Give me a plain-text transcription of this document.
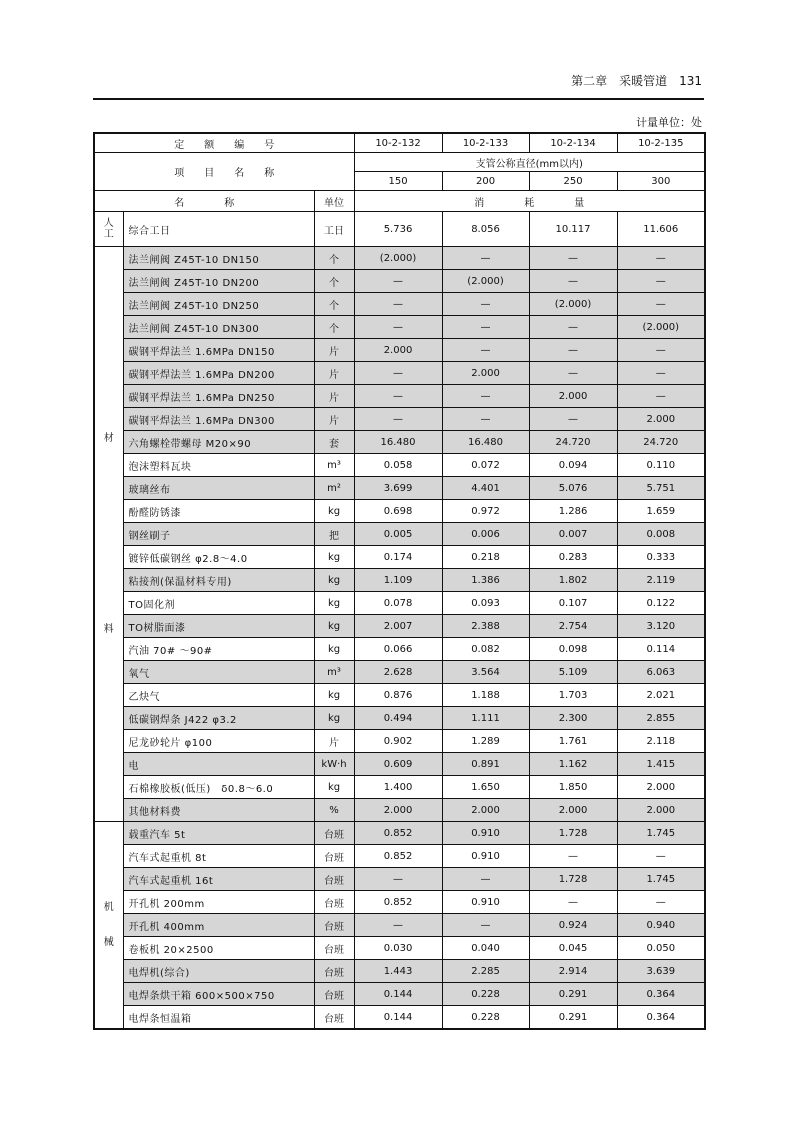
第二章　采暖管道　131
计量单位：处
定　　额　　编　　号			10-2-132	10-2-133	10-2-134	10-2-135
项　　目　　名　　称			支管公称直径(mm以内)			
			150	200	250	300
名　　　　称		单位	消　　　　耗　　　　量			

人
工	综合工日	工日	5.736	8.056	10.117	11.606

材
料	法兰闸阀 Z45T-10 DN150	个	(2.000)	—	—	—
	法兰闸阀 Z45T-10 DN200	个	—	(2.000)	—	—
	法兰闸阀 Z45T-10 DN250	个	—	—	(2.000)	—
	法兰闸阀 Z45T-10 DN300	个	—	—	—	(2.000)
	碳钢平焊法兰 1.6MPa DN150	片	2.000	—	—	—
	碳钢平焊法兰 1.6MPa DN200	片	—	2.000	—	—
	碳钢平焊法兰 1.6MPa DN250	片	—	—	2.000	—
	碳钢平焊法兰 1.6MPa DN300	片	—	—	—	2.000
	六角螺栓带螺母 M20×90	套	16.480	16.480	24.720	24.720
	泡沫塑料瓦块	m³	0.058	0.072	0.094	0.110
	玻璃丝布	m²	3.699	4.401	5.076	5.751
	酚醛防锈漆	kg	0.698	0.972	1.286	1.659
	钢丝刷子	把	0.005	0.006	0.007	0.008
	镀锌低碳钢丝 φ2.8～4.0	kg	0.174	0.218	0.283	0.333
	粘接剂(保温材料专用)	kg	1.109	1.386	1.802	2.119
	TO固化剂	kg	0.078	0.093	0.107	0.122
	TO树脂面漆	kg	2.007	2.388	2.754	3.120
	汽油 70# ～90#	kg	0.066	0.082	0.098	0.114
	氧气	m³	2.628	3.564	5.109	6.063
	乙炔气	kg	0.876	1.188	1.703	2.021
	低碳钢焊条 J422 φ3.2	kg	0.494	1.111	2.300	2.855
	尼龙砂轮片 φ100	片	0.902	1.289	1.761	2.118
	电	kW·h	0.609	0.891	1.162	1.415
	石棉橡胶板(低压)　δ0.8～6.0	kg	1.400	1.650	1.850	2.000
	其他材料费	%	2.000	2.000	2.000	2.000

机
械	载重汽车 5t	台班	0.852	0.910	1.728	1.745
	汽车式起重机 8t	台班	0.852	0.910	—	—
	汽车式起重机 16t	台班	—	—	1.728	1.745
	开孔机 200mm	台班	0.852	0.910	—	—
	开孔机 400mm	台班	—	—	0.924	0.940
	卷板机 20×2500	台班	0.030	0.040	0.045	0.050
	电焊机(综合)	台班	1.443	2.285	2.914	3.639
	电焊条烘干箱 600×500×750	台班	0.144	0.228	0.291	0.364
	电焊条恒温箱	台班	0.144	0.228	0.291	0.364
